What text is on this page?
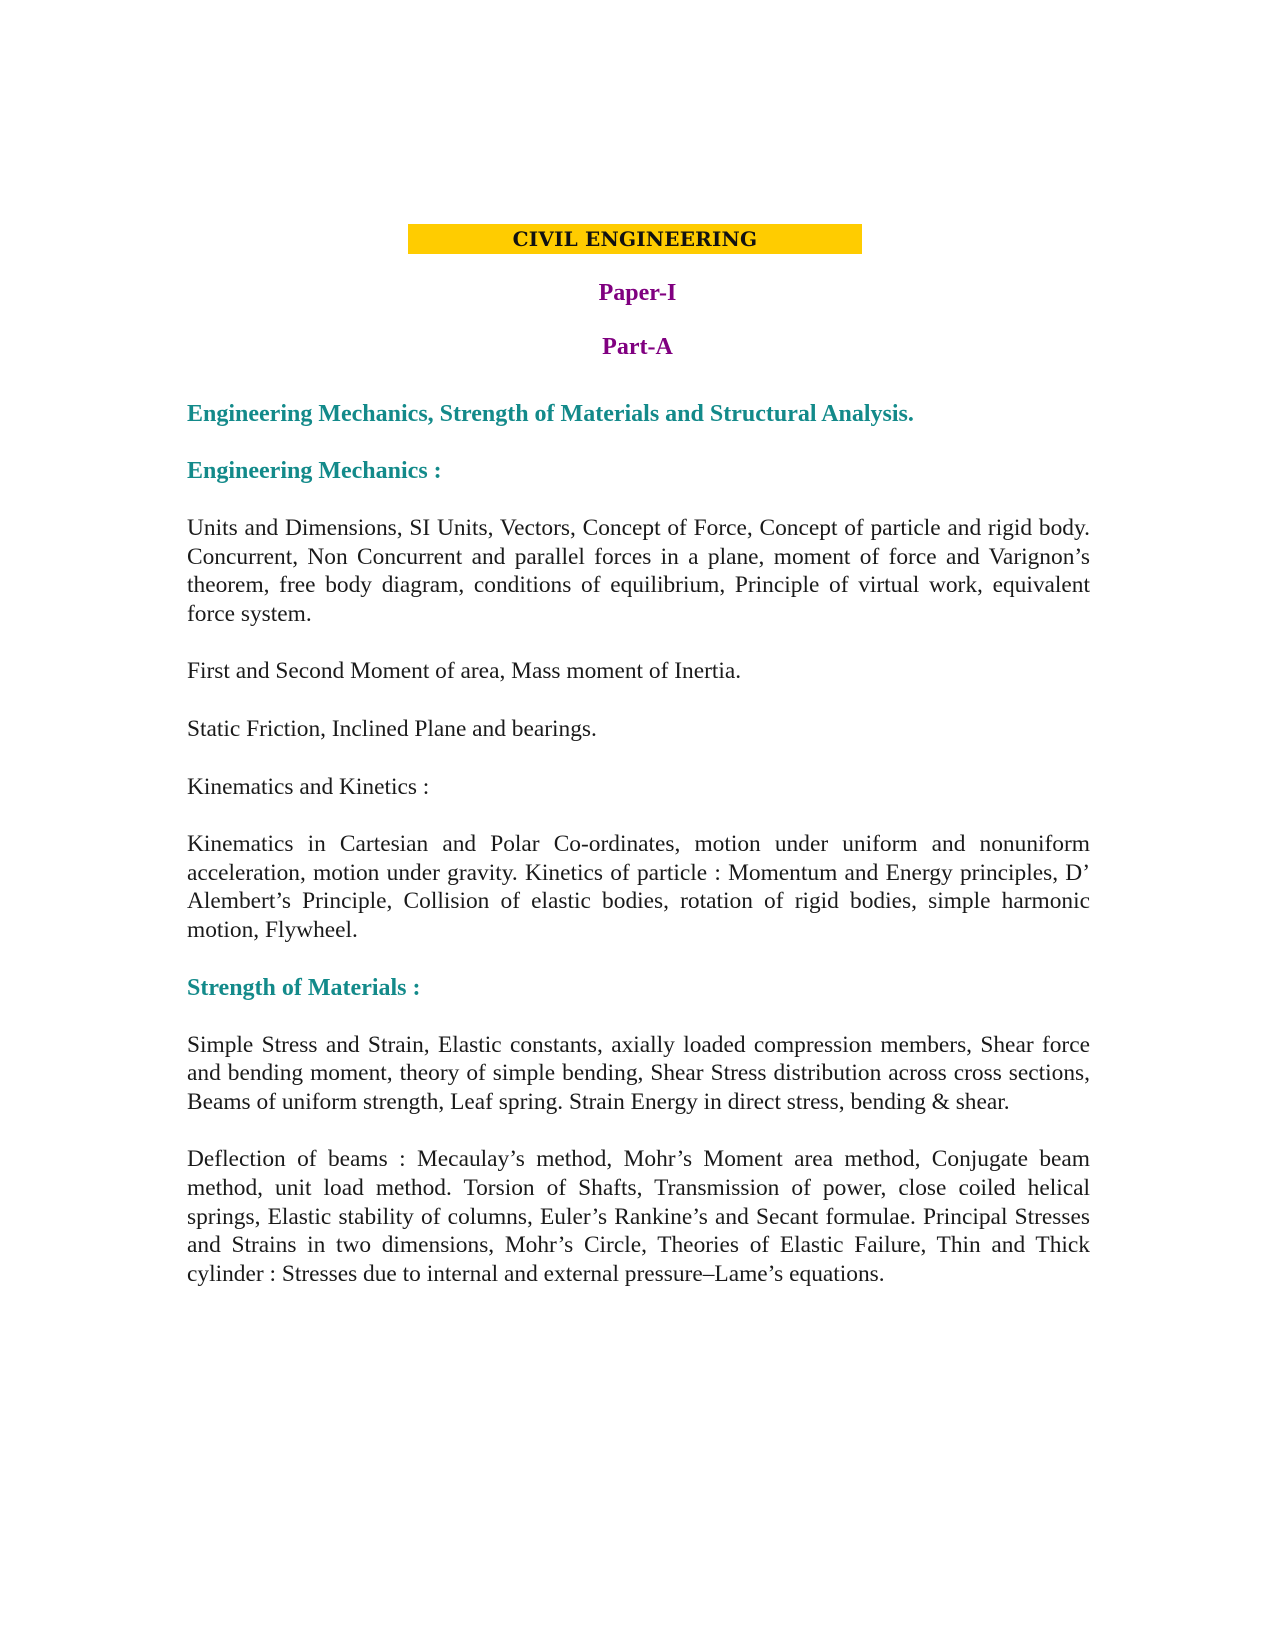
CIVIL ENGINEERING
Paper-I
Part-A
Engineering Mechanics, Strength of Materials and Structural Analysis.
Engineering Mechanics :

Units and Dimensions, SI Units, Vectors, Concept of Force, Concept of particle and rigid body. Concurrent, Non Concurrent and parallel forces in a plane, moment of force and Varignon’s theorem, free body diagram, conditions of equilibrium, Principle of virtual work, equivalent force system.

First and Second Moment of area, Mass moment of Inertia.

Static Friction, Inclined Plane and bearings.

Kinematics and Kinetics :

Kinematics in Cartesian and Polar Co-ordinates, motion under uniform and nonuniform acceleration, motion under gravity. Kinetics of particle : Momentum and Energy principles, D’ Alembert’s Principle, Collision of elastic bodies, rotation of rigid bodies, simple harmonic motion, Flywheel.

Strength of Materials :

Simple Stress and Strain, Elastic constants, axially loaded compression members, Shear force and bending moment, theory of simple bending, Shear Stress distribution across cross sections, Beams of uniform strength, Leaf spring. Strain Energy in direct stress, bending & shear.

Deflection of beams : Mecaulay’s method, Mohr’s Moment area method, Conjugate beam method, unit load method. Torsion of Shafts, Transmission of power, close coiled helical springs, Elastic stability of columns, Euler’s Rankine’s and Secant formulae. Principal Stresses and Strains in two dimensions, Mohr’s Circle, Theories of Elastic Failure, Thin and Thick cylinder : Stresses due to internal and external pressure–Lame’s equations.
